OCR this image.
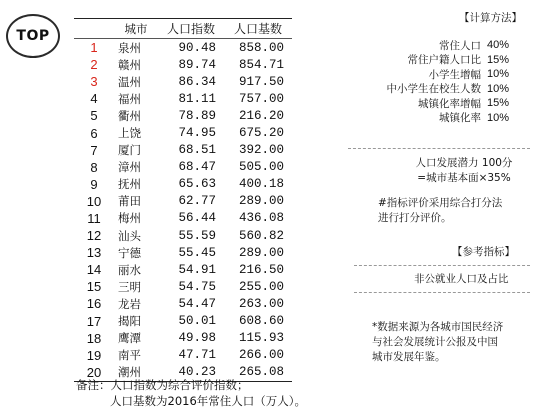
TOP	城市	人口指数	人口基数
1	泉州	90.48	858.00
2	赣州	89.74	854.71
3	温州	86.34	917.50
4	福州	81.11	757.00
5	衢州	78.89	216.20
6	上饶	74.95	675.20
7	厦门	68.51	392.00
8	漳州	68.47	505.00
9	抚州	65.63	400.18
10	莆田	62.77	289.00
11	梅州	56.44	436.08
12	汕头	55.59	560.82
13	宁德	55.45	289.00
14	丽水	54.91	216.50
15	三明	54.75	255.00
16	龙岩	54.47	263.00
17	揭阳	50.01	608.60
18	鹰潭	49.98	115.93
19	南平	47.71	266.00
20	潮州	40.23	265.08
备注：人口指数为综合评价指数；
人口基数为2016年常住人口（万人）。
【计算方法】
常住人口 40%
常住户籍人口比 15%
小学生增幅 10%
中小学生在校生人数 10%
城镇化率增幅 15%
城镇化率 10%
人口发展潜力 100分
=城市基本面×35%
#指标评价采用综合打分法
进行打分评价。
【参考指标】
非公就业人口及占比
*数据来源为各城市国民经济
与社会发展统计公报及中国
城市发展年鉴。
